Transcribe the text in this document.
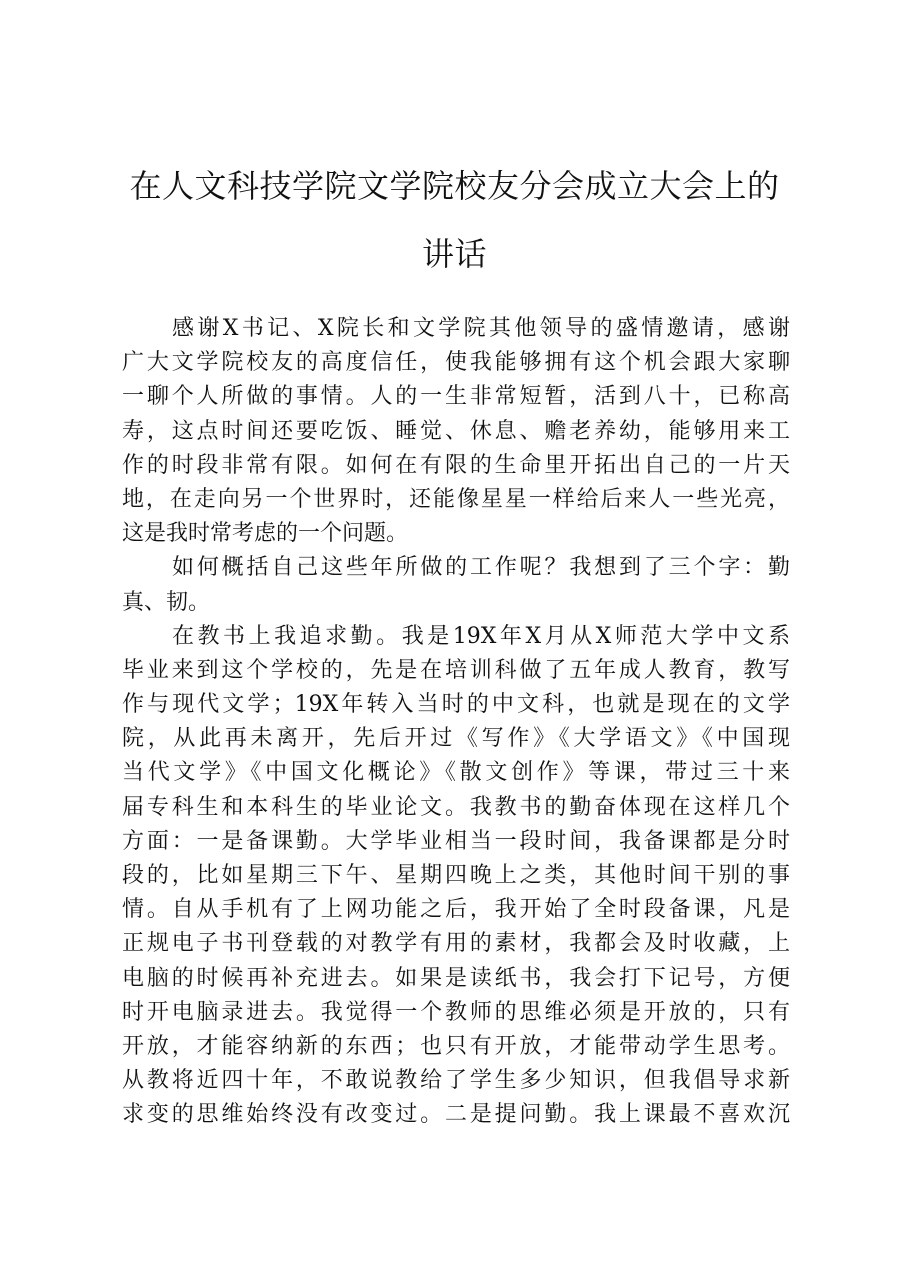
在人文科技学院文学院校友分会成立大会上的
讲话
感谢X书记、X院长和文学院其他领导的盛情邀请，感谢
广大文学院校友的高度信任，使我能够拥有这个机会跟大家聊
一聊个人所做的事情。人的一生非常短暂，活到八十，已称高
寿，这点时间还要吃饭、睡觉、休息、赡老养幼，能够用来工
作的时段非常有限。如何在有限的生命里开拓出自己的一片天
地，在走向另一个世界时，还能像星星一样给后来人一些光亮，
这是我时常考虑的一个问题。
如何概括自己这些年所做的工作呢？我想到了三个字：勤
真、韧。
在教书上我追求勤。我是19X年X月从X师范大学中文系
毕业来到这个学校的，先是在培训科做了五年成人教育，教写
作与现代文学；19X年转入当时的中文科，也就是现在的文学
院，从此再未离开，先后开过《写作》《大学语文》《中国现
当代文学》《中国文化概论》《散文创作》等课，带过三十来
届专科生和本科生的毕业论文。我教书的勤奋体现在这样几个
方面：一是备课勤。大学毕业相当一段时间，我备课都是分时
段的，比如星期三下午、星期四晚上之类，其他时间干别的事
情。自从手机有了上网功能之后，我开始了全时段备课，凡是
正规电子书刊登载的对教学有用的素材，我都会及时收藏，上
电脑的时候再补充进去。如果是读纸书，我会打下记号，方便
时开电脑录进去。我觉得一个教师的思维必须是开放的，只有
开放，才能容纳新的东西；也只有开放，才能带动学生思考。
从教将近四十年，不敢说教给了学生多少知识，但我倡导求新
求变的思维始终没有改变过。二是提问勤。我上课最不喜欢沉
